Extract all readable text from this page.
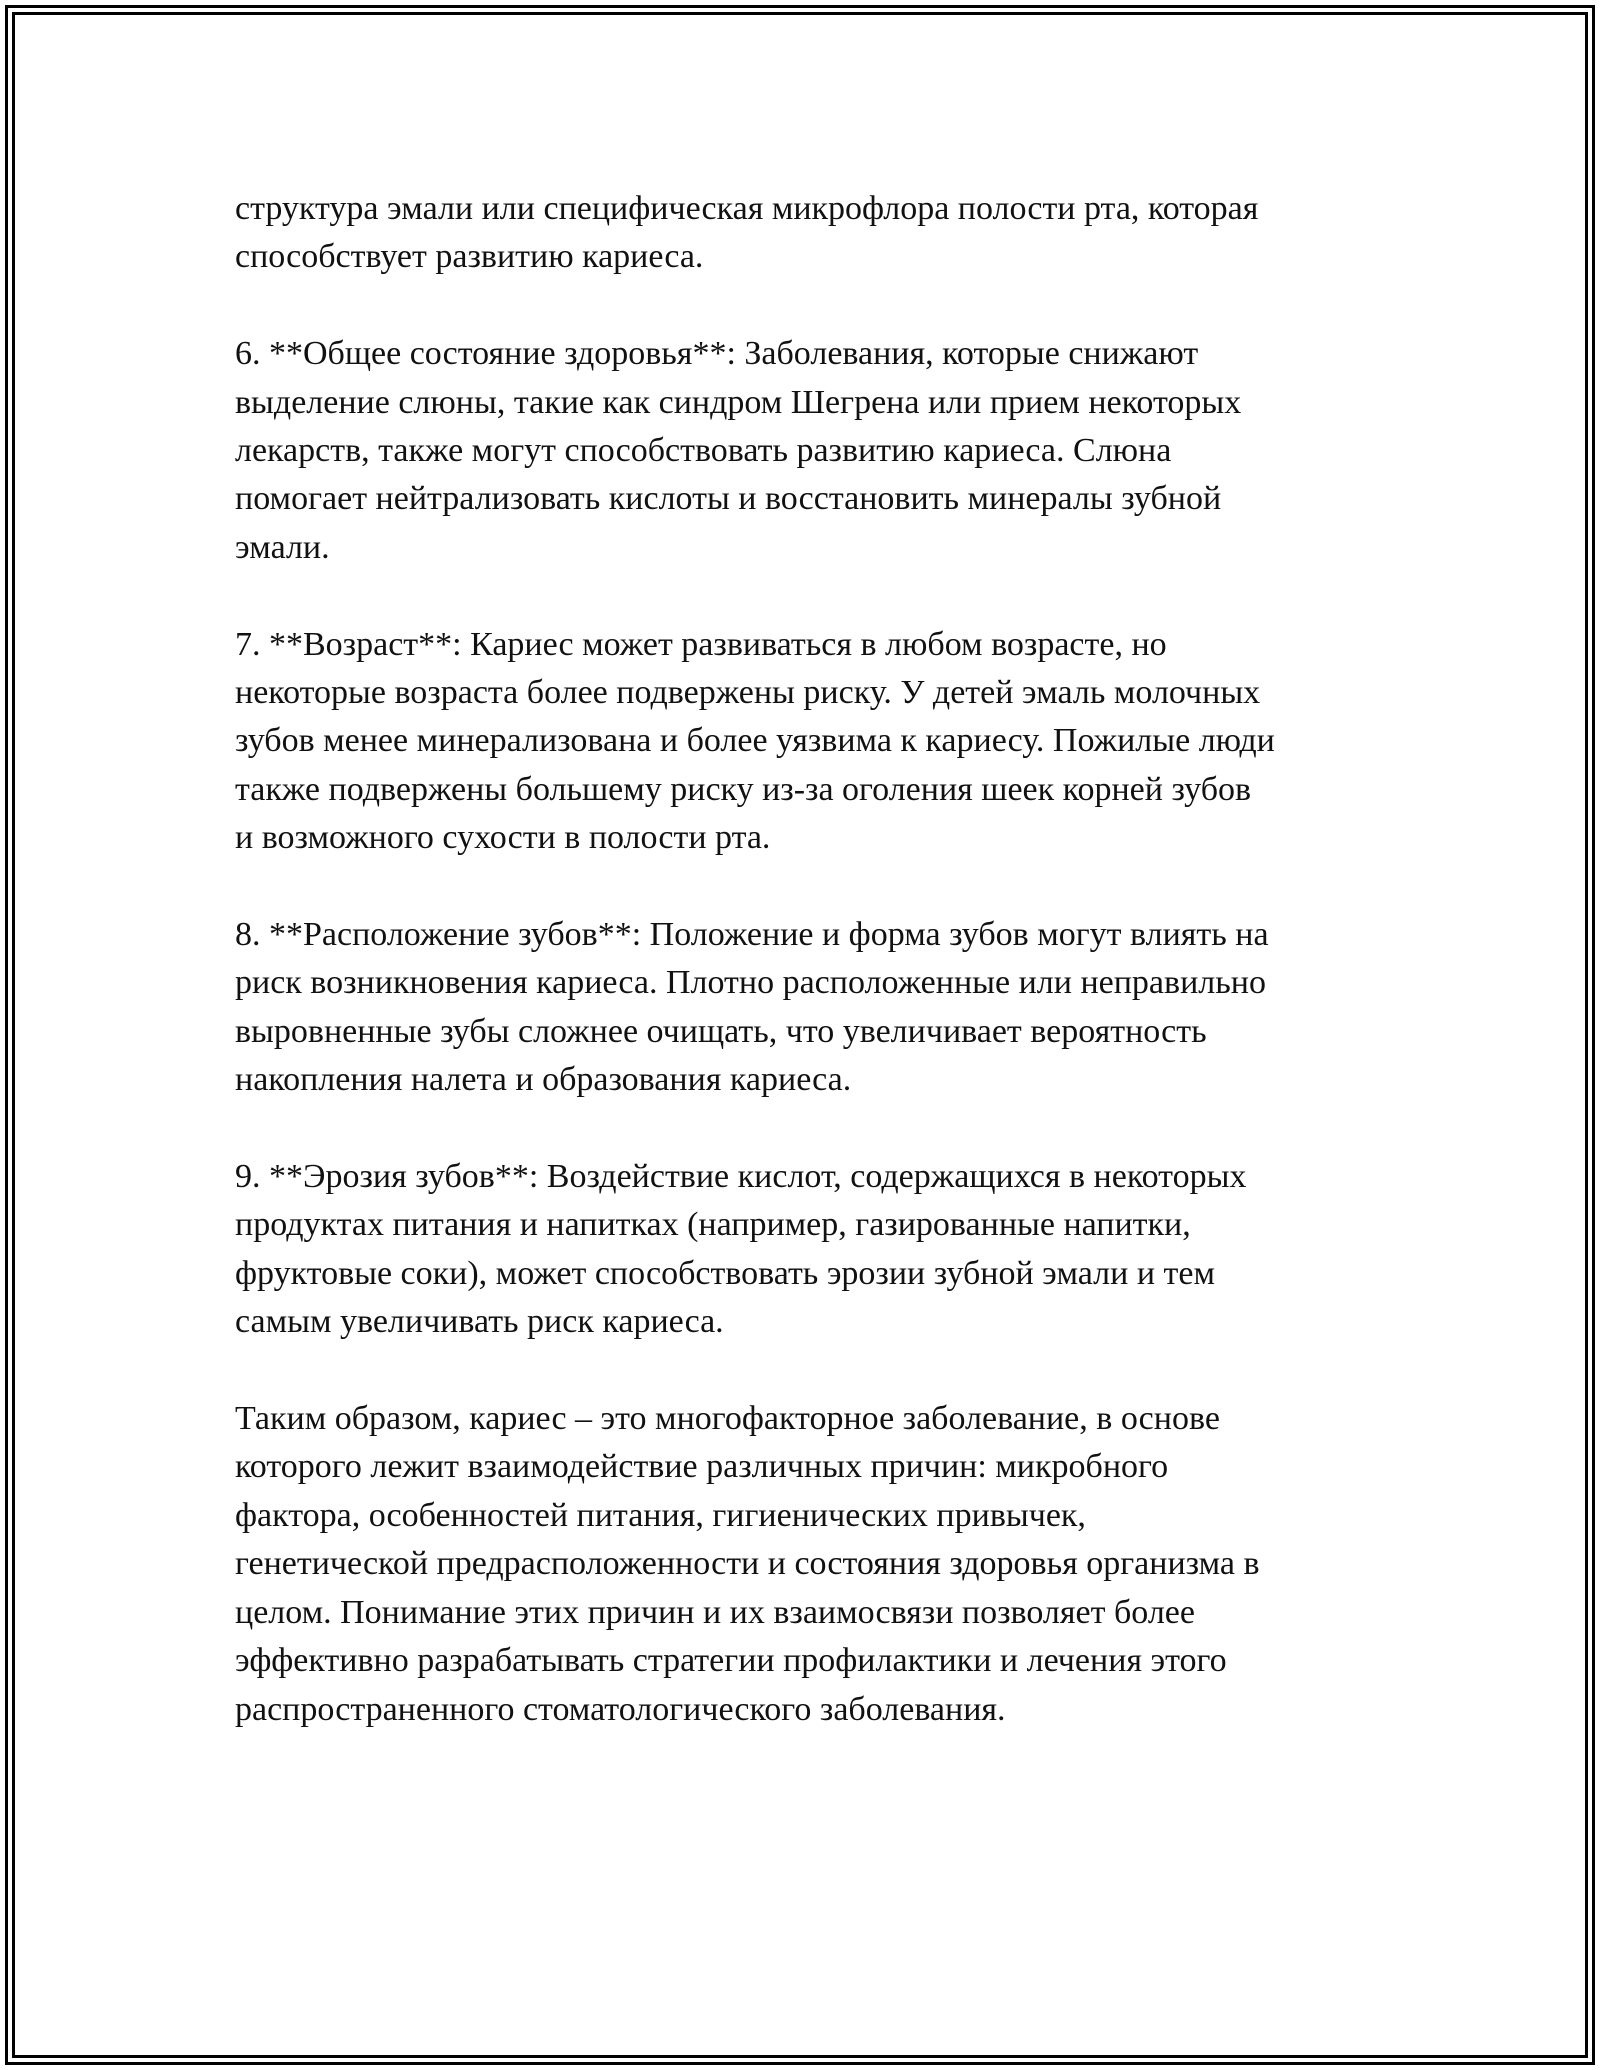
структура эмали или специфическая микрофлора полости рта, которая
способствует развитию кариеса.

6. **Общее состояние здоровья**: Заболевания, которые снижают
выделение слюны, такие как синдром Шегрена или прием некоторых
лекарств, также могут способствовать развитию кариеса. Слюна
помогает нейтрализовать кислоты и восстановить минералы зубной
эмали.

7. **Возраст**: Кариес может развиваться в любом возрасте, но
некоторые возраста более подвержены риску. У детей эмаль молочных
зубов менее минерализована и более уязвима к кариесу. Пожилые люди
также подвержены большему риску из-за оголения шеек корней зубов
и возможного сухости в полости рта.

8. **Расположение зубов**: Положение и форма зубов могут влиять на
риск возникновения кариеса. Плотно расположенные или неправильно
выровненные зубы сложнее очищать, что увеличивает вероятность
накопления налета и образования кариеса.

9. **Эрозия зубов**: Воздействие кислот, содержащихся в некоторых
продуктах питания и напитках (например, газированные напитки,
фруктовые соки), может способствовать эрозии зубной эмали и тем
самым увеличивать риск кариеса.

Таким образом, кариес – это многофакторное заболевание, в основе
которого лежит взаимодействие различных причин: микробного
фактора, особенностей питания, гигиенических привычек,
генетической предрасположенности и состояния здоровья организма в
целом. Понимание этих причин и их взаимосвязи позволяет более
эффективно разрабатывать стратегии профилактики и лечения этого
распространенного стоматологического заболевания.
